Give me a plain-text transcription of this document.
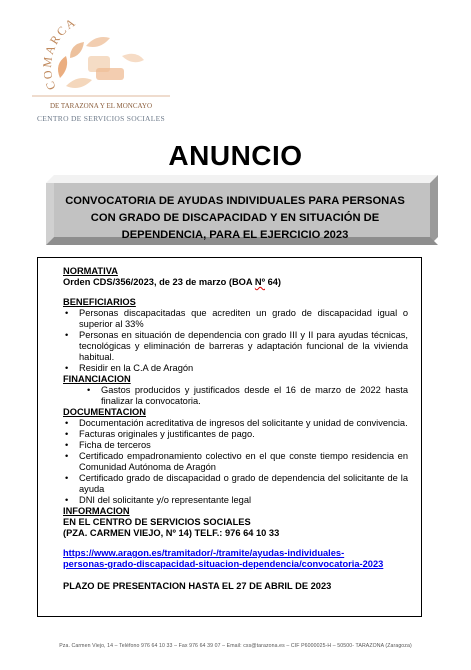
COMARCA
DE TARAZONA Y EL MONCAYO
CENTRO DE SERVICIOS SOCIALES
ANUNCIO
CONVOCATORIA DE AYUDAS INDIVIDUALES PARA PERSONAS
CON GRADO DE DISCAPACIDAD Y EN SITUACIÓN DE
DEPENDENCIA, PARA EL EJERCICIO 2023
NORMATIVA
Orden CDS/356/2023, de 23 de marzo (BOA Nº 64)
BENEFICIARIOS
• Personas discapacitadas que acrediten un grado de discapacidad igual o superior al 33%
• Personas en situación de dependencia con grado III y II para ayudas técnicas, tecnológicas y eliminación de barreras y adaptación funcional de la vivienda habitual.
• Residir en la C.A de Aragón
FINANCIACION
• Gastos producidos y justificados desde el 16 de marzo de 2022 hasta finalizar la convocatoria.
DOCUMENTACION
• Documentación acreditativa de ingresos del solicitante y unidad de convivencia.
• Facturas originales y justificantes de pago.
• Ficha de terceros
• Certificado empadronamiento colectivo en el que conste tiempo residencia en Comunidad Autónoma de Aragón
• Certificado grado de discapacidad o grado de dependencia del solicitante de la ayuda
• DNI del solicitante y/o representante legal
INFORMACION
EN EL CENTRO DE SERVICIOS SOCIALES
(PZA. CARMEN VIEJO, Nº 14) TELF.: 976 64 10 33
https://www.aragon.es/tramitador/-/tramite/ayudas-individuales-
personas-grado-discapacidad-situacion-dependencia/convocatoria-2023
PLAZO DE PRESENTACION HASTA EL 27 DE ABRIL DE 2023
Pza. Carmen Viejo, 14 – Teléfono 976 64 10 33 – Fax 976 64 39 07 – Email: css@tarazona.es – CIF P6000025-H – 50500- TARAZONA (Zaragoza)
